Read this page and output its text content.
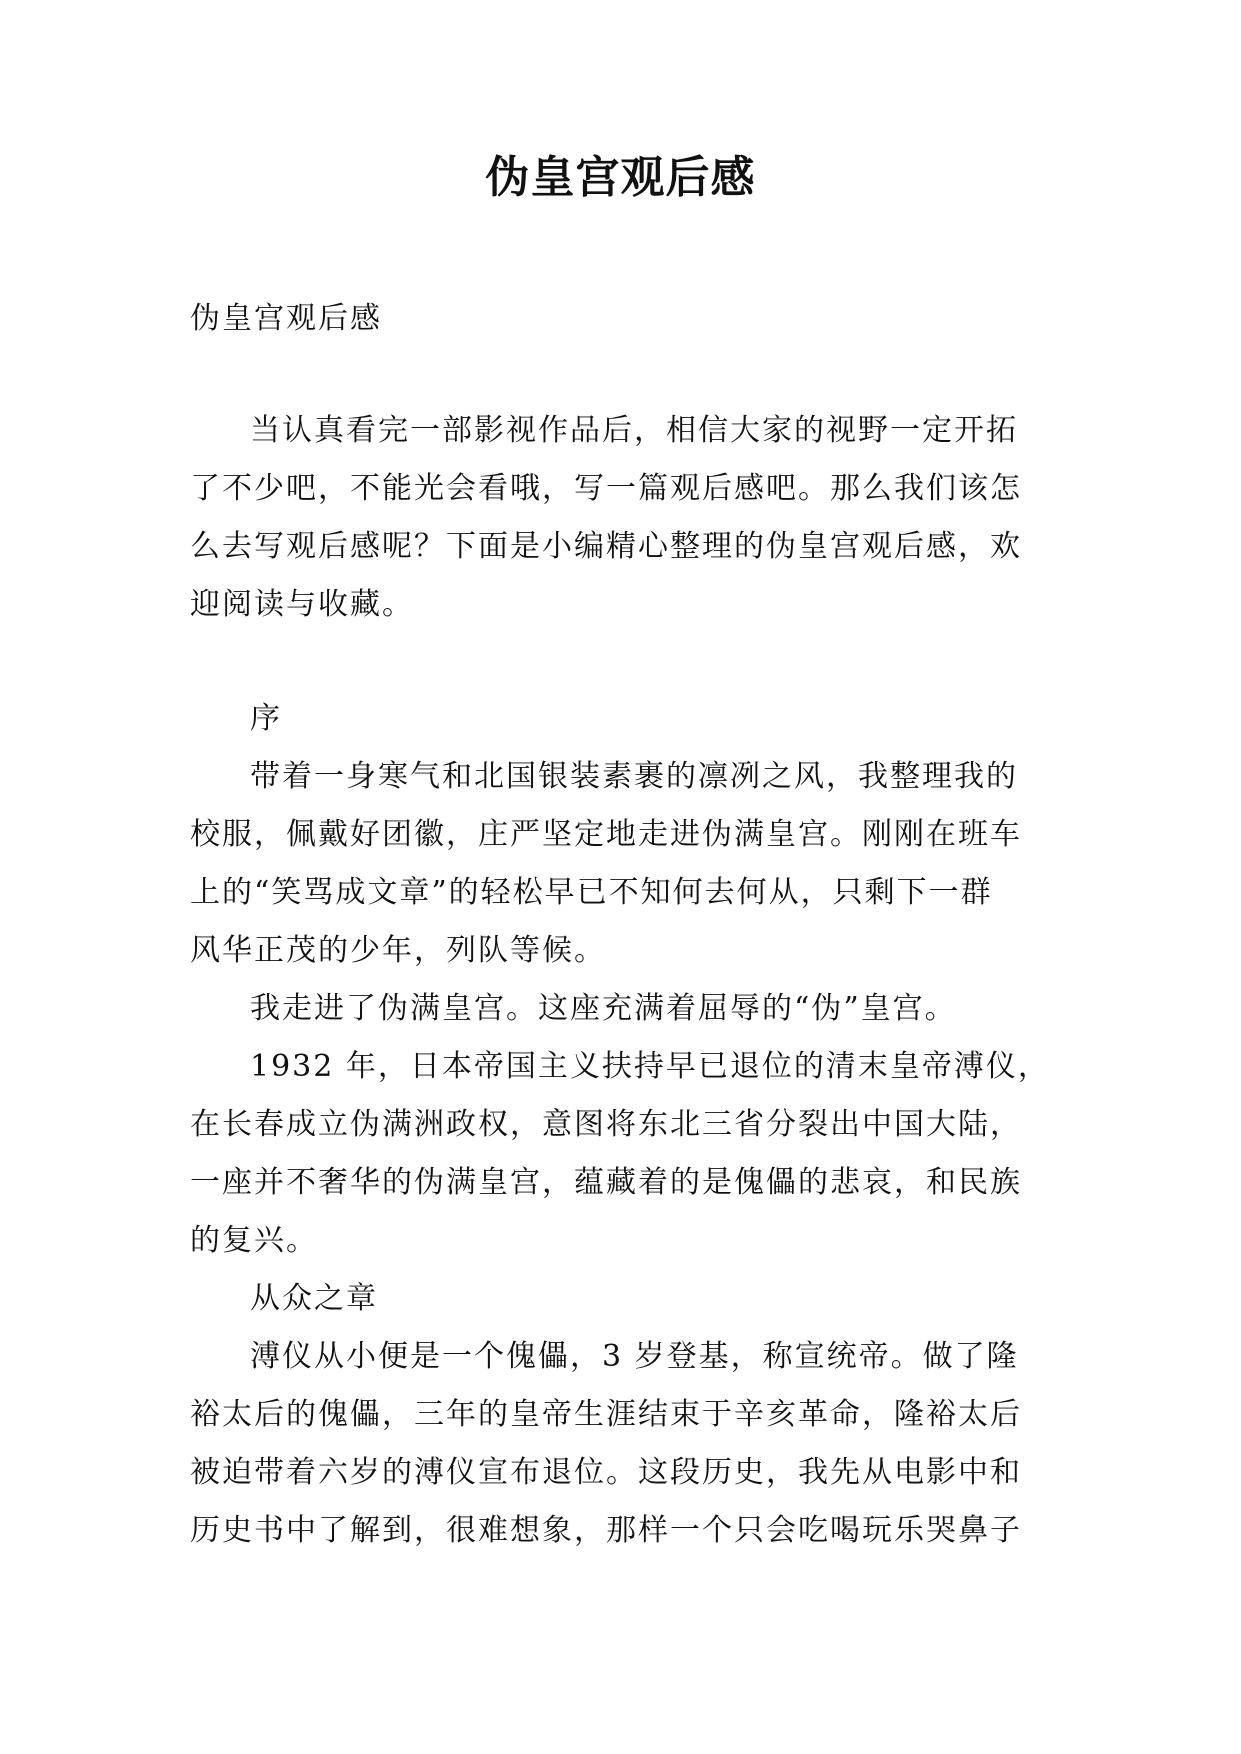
伪皇宫观后感

伪皇宫观后感

当认真看完一部影视作品后，相信大家的视野一定开拓
了不少吧，不能光会看哦，写一篇观后感吧。那么我们该怎
么去写观后感呢？下面是小编精心整理的伪皇宫观后感，欢
迎阅读与收藏。
序
带着一身寒气和北国银装素裹的凛冽之风，我整理我的
校服，佩戴好团徽，庄严坚定地走进伪满皇宫。刚刚在班车
上的“笑骂成文章”的轻松早已不知何去何从，只剩下一群
风华正茂的少年，列队等候。
我走进了伪满皇宫。这座充满着屈辱的“伪”皇宫。
1932 年，日本帝国主义扶持早已退位的清末皇帝溥仪，
在长春成立伪满洲政权，意图将东北三省分裂出中国大陆，
一座并不奢华的伪满皇宫，蕴藏着的是傀儡的悲哀，和民族
的复兴。
从众之章
溥仪从小便是一个傀儡，3 岁登基，称宣统帝。做了隆
裕太后的傀儡，三年的皇帝生涯结束于辛亥革命，隆裕太后
被迫带着六岁的溥仪宣布退位。这段历史，我先从电影中和
历史书中了解到，很难想象，那样一个只会吃喝玩乐哭鼻子
